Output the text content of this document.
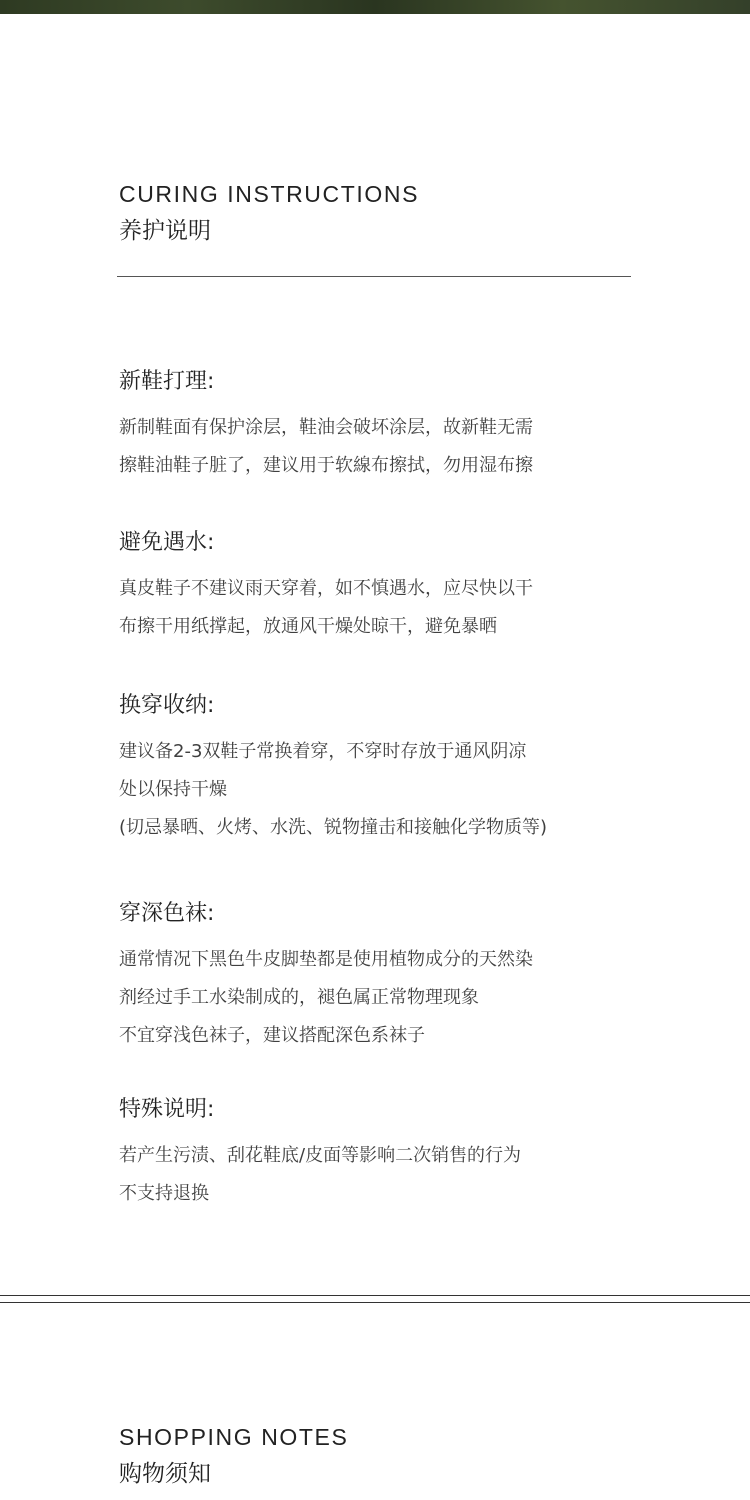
CURING INSTRUCTIONS
养护说明
新鞋打理:
新制鞋面有保护涂层，鞋油会破坏涂层，故新鞋无需
擦鞋油鞋子脏了，建议用于软線布擦拭，勿用湿布擦
避免遇水:
真皮鞋子不建议雨天穿着，如不慎遇水，应尽快以干
布擦干用纸撑起，放通风干燥处晾干，避免暴晒
换穿收纳:
建议备2-3双鞋子常换着穿，不穿时存放于通风阴凉
处以保持干燥
(切忌暴晒、火烤、水洗、锐物撞击和接触化学物质等)
穿深色袜:
通常情况下黑色牛皮脚垫都是使用植物成分的天然染
剂经过手工水染制成的，褪色属正常物理现象
不宜穿浅色袜子，建议搭配深色系袜子
特殊说明:
若产生污渍、刮花鞋底/皮面等影响二次销售的行为
不支持退换
SHOPPING NOTES
购物须知
